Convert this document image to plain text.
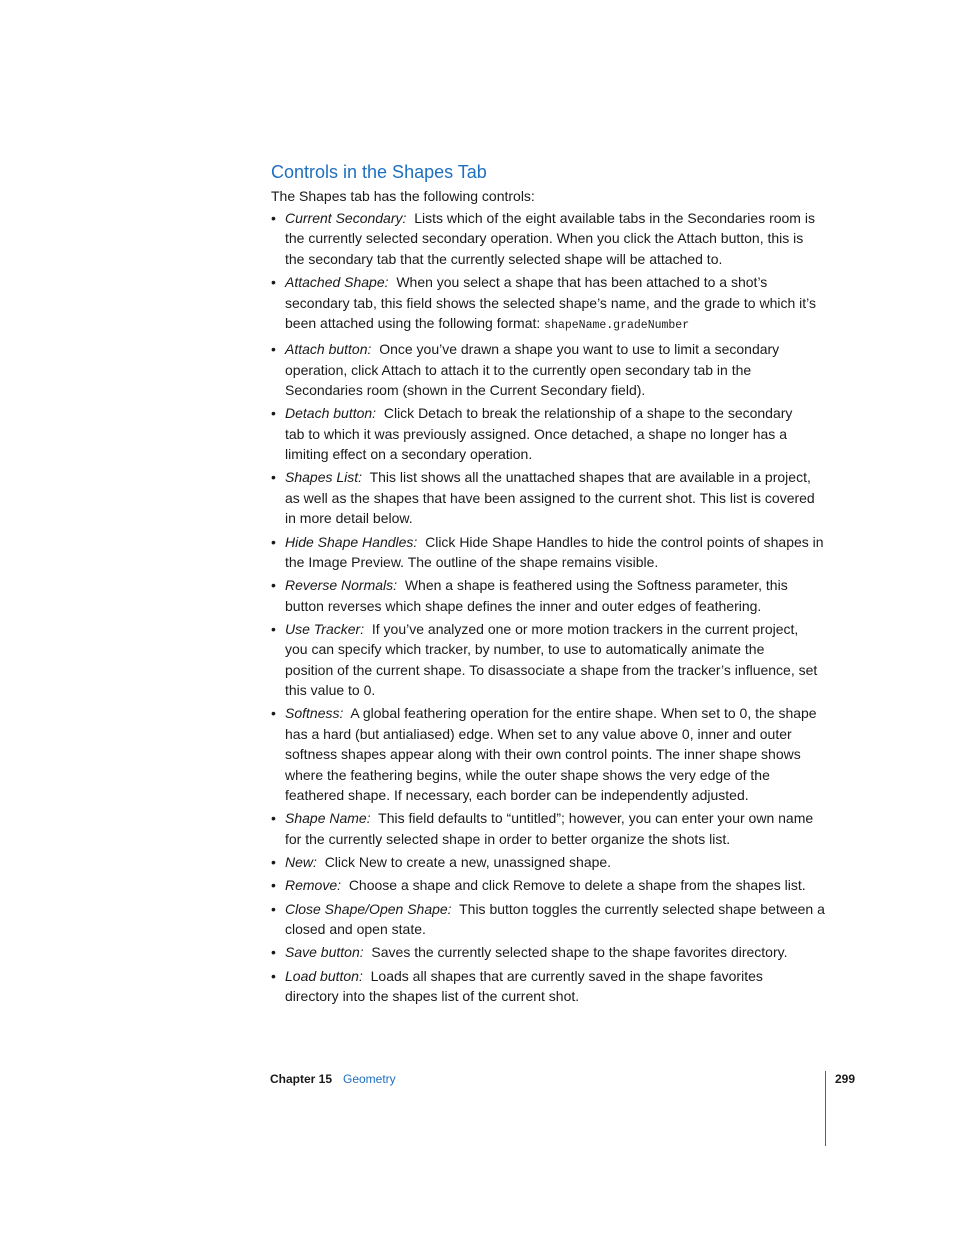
Controls in the Shapes Tab

The Shapes tab has the following controls:

• Current Secondary: Lists which of the eight available tabs in the Secondaries room is
the currently selected secondary operation. When you click the Attach button, this is
the secondary tab that the currently selected shape will be attached to.
• Attached Shape: When you select a shape that has been attached to a shot’s
secondary tab, this field shows the selected shape’s name, and the grade to which it’s
been attached using the following format: shapeName.gradeNumber
• Attach button: Once you’ve drawn a shape you want to use to limit a secondary
operation, click Attach to attach it to the currently open secondary tab in the
Secondaries room (shown in the Current Secondary field).
• Detach button: Click Detach to break the relationship of a shape to the secondary
tab to which it was previously assigned. Once detached, a shape no longer has a
limiting effect on a secondary operation.
• Shapes List: This list shows all the unattached shapes that are available in a project,
as well as the shapes that have been assigned to the current shot. This list is covered
in more detail below.
• Hide Shape Handles: Click Hide Shape Handles to hide the control points of shapes in
the Image Preview. The outline of the shape remains visible.
• Reverse Normals: When a shape is feathered using the Softness parameter, this
button reverses which shape defines the inner and outer edges of feathering.
• Use Tracker: If you’ve analyzed one or more motion trackers in the current project,
you can specify which tracker, by number, to use to automatically animate the
position of the current shape. To disassociate a shape from the tracker’s influence, set
this value to 0.
• Softness: A global feathering operation for the entire shape. When set to 0, the shape
has a hard (but antialiased) edge. When set to any value above 0, inner and outer
softness shapes appear along with their own control points. The inner shape shows
where the feathering begins, while the outer shape shows the very edge of the
feathered shape. If necessary, each border can be independently adjusted.
• Shape Name: This field defaults to “untitled”; however, you can enter your own name
for the currently selected shape in order to better organize the shots list.
• New: Click New to create a new, unassigned shape.
• Remove: Choose a shape and click Remove to delete a shape from the shapes list.
• Close Shape/Open Shape: This button toggles the currently selected shape between a
closed and open state.
• Save button: Saves the currently selected shape to the shape favorites directory.
• Load button: Loads all shapes that are currently saved in the shape favorites
directory into the shapes list of the current shot.
Chapter 15 Geometry	299
